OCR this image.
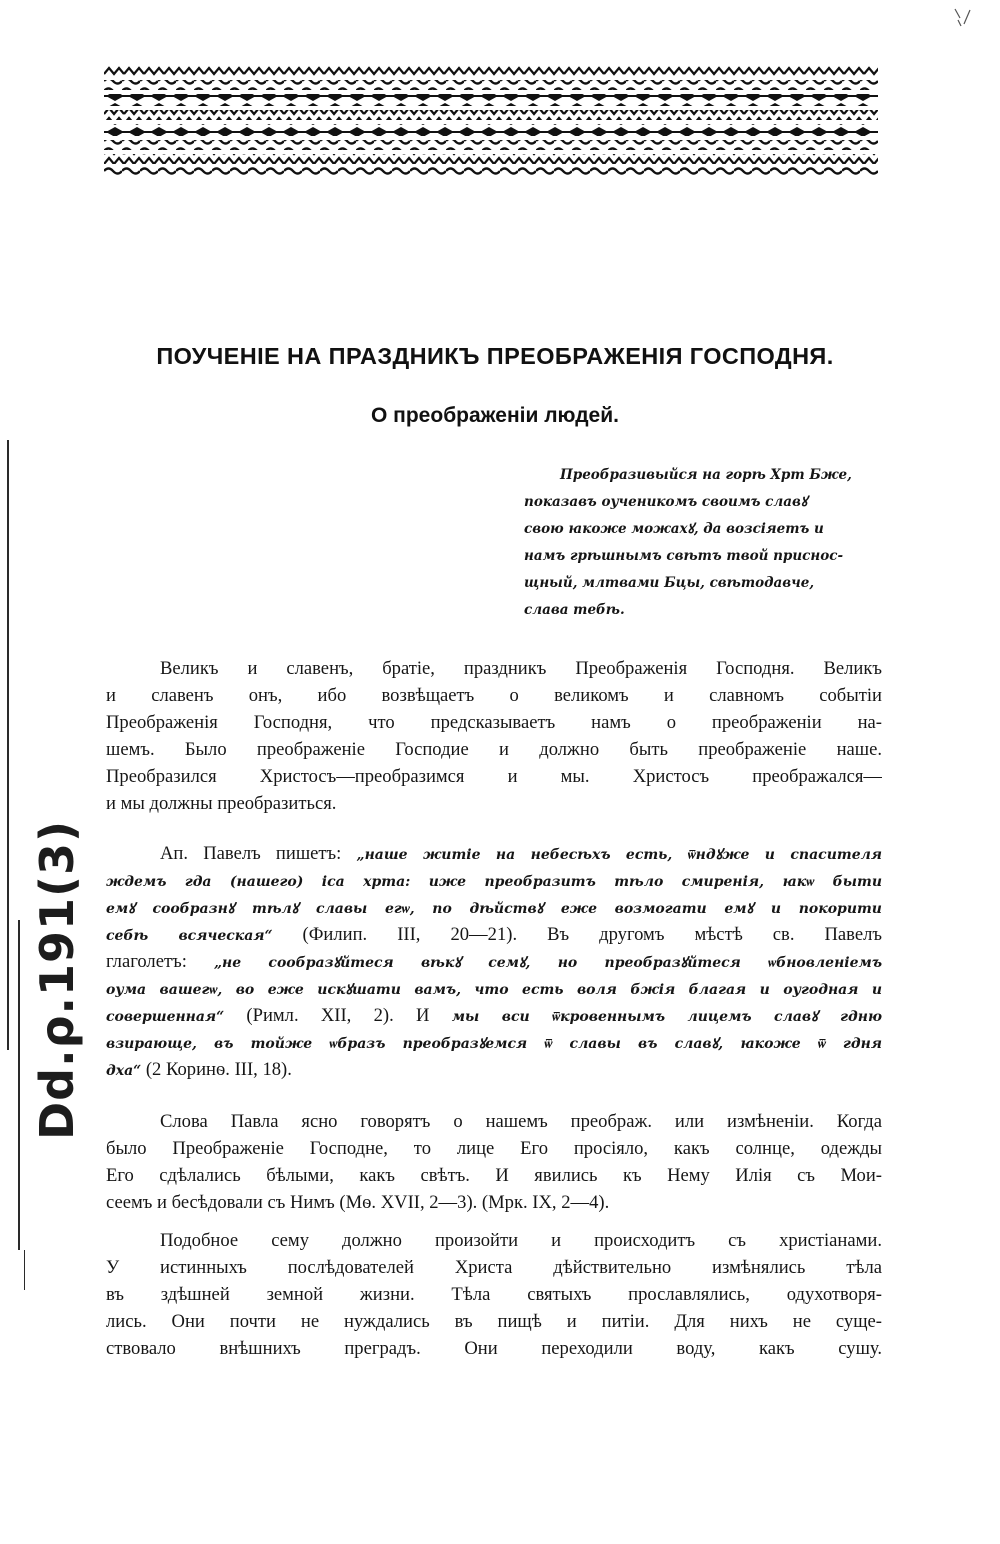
ПОУЧЕНІЕ НА ПРАЗДНИКЪ ПРЕОБРАЖЕНІЯ ГОСПОДНЯ.
О преображеніи людей.

Преобразивыйся на горѣ Хрт Бже,
показавъ оученикомъ своимъ славꙋ
свою ꙗкоже можахꙋ, да возсіяетъ и
намъ грѣшнымъ свѣтъ твой приснос-
щный, млтвами Бцы, свѣтодавче,
слава тебѣ.

Великъ и славенъ, братіе, праздникъ Преображенія Господня. Великъ
и славенъ онъ, ибо возвѣщаетъ о великомъ и славномъ событіи
Преображенія Господня, что предсказываетъ намъ о преображеніи на-
шемъ. Было преображеніе Господие и должно быть преображеніе наше.
Преобразился Христосъ—преобразимся и мы. Христосъ преображался—
и мы должны преобразиться.
Ап. Павелъ пишетъ: „наше житіе на небесѣхъ есть, ѿндꙋже и спасителя
ждемъ гда (нашего) іса хрта: иже преобразитъ тѣло смиренія, ꙗкѡ быти
емꙋ сообразнꙋ тѣлꙋ славы егѡ, по дѣйствꙋ еже возмогати емꙋ и покорити
себѣ всяческая“ (Филип. III, 20—21). Въ другомъ мѣстѣ св. Павелъ
глаголетъ: „не сообразꙋйтеся вѣкꙋ семꙋ, но преобразꙋйтеся ѡбновленіемъ
оума вашегѡ, во еже искꙋшати вамъ, что есть воля бжія благая и оугодная и
совершенная“ (Римл. XII, 2). И мы вси ѿкровеннымъ лицемъ славꙋ гдню
взирающе, въ тойже ѡбразъ преобразꙋемся ѿ славы въ славꙋ, ꙗкоже ѿ гдня
дха“ (2 Коринѳ. III, 18).
Слова Павла ясно говорятъ о нашемъ преображ. или измѣненіи. Когда
было Преображеніе Господне, то лице Его просіяло, какъ солнце, одежды
Его сдѣлались бѣлыми, какъ свѣтъ. И явились къ Нему Илія съ Мои-
сеемъ и бесѣдовали съ Нимъ (Мѳ. XVII, 2—3). (Мрк. IX, 2—4).
Подобное сему должно произойти и происходитъ съ христіанами.
У истинныхъ послѣдователей Христа дѣйствительно измѣнялись тѣла
въ здѣшней земной жизни. Тѣла святыхъ прославлялись, одухотворя-
лись. Они почти не нуждались въ пищѣ и питіи. Для нихъ не суще-
ствовало внѣшнихъ преградъ. Они переходили воду, какъ сушу.
Dd.ρ.191(3)
